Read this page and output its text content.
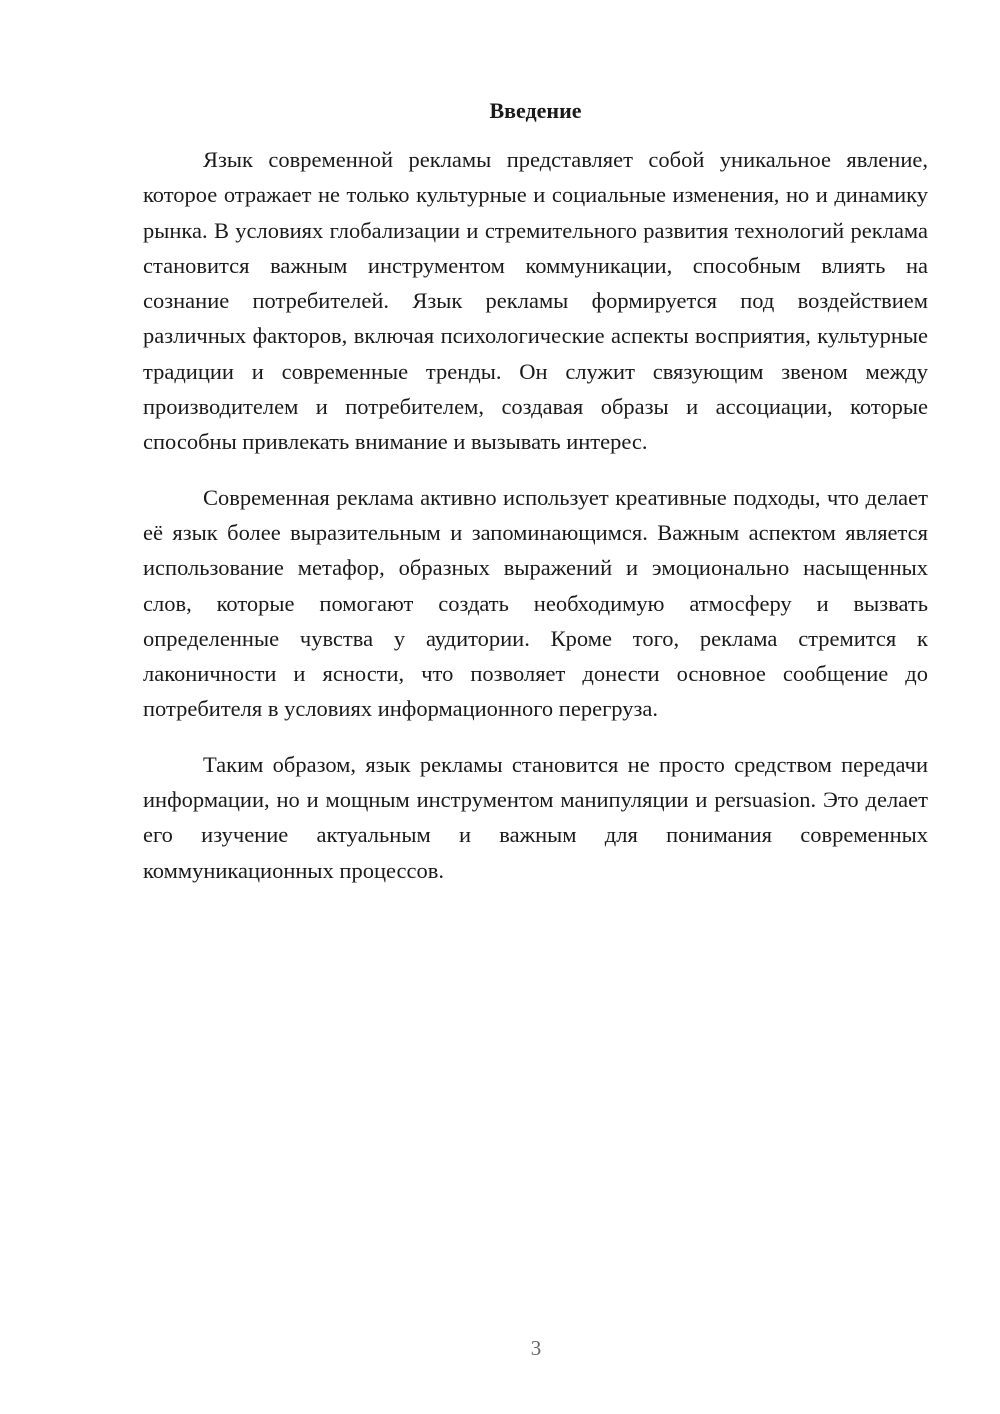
Введение

Язык современной рекламы представляет собой уникальное явление, которое отражает не только культурные и социальные изменения, но и динамику рынка. В условиях глобализации и стремительного развития технологий реклама становится важным инструментом коммуникации, способным влиять на сознание потребителей. Язык рекламы формируется под воздействием различных факторов, включая психологические аспекты восприятия, культурные традиции и современные тренды. Он служит связующим звеном между производителем и потребителем, создавая образы и ассоциации, которые способны привлекать внимание и вызывать интерес.

Современная реклама активно использует креативные подходы, что делает её язык более выразительным и запоминающимся. Важным аспектом является использование метафор, образных выражений и эмоционально насыщенных слов, которые помогают создать необходимую атмосферу и вызвать определенные чувства у аудитории. Кроме того, реклама стремится к лаконичности и ясности, что позволяет донести основное сообщение до потребителя в условиях информационного перегруза.

Таким образом, язык рекламы становится не просто средством передачи информации, но и мощным инструментом манипуляции и persuasion. Это делает его изучение актуальным и важным для понимания современных коммуникационных процессов.

3
